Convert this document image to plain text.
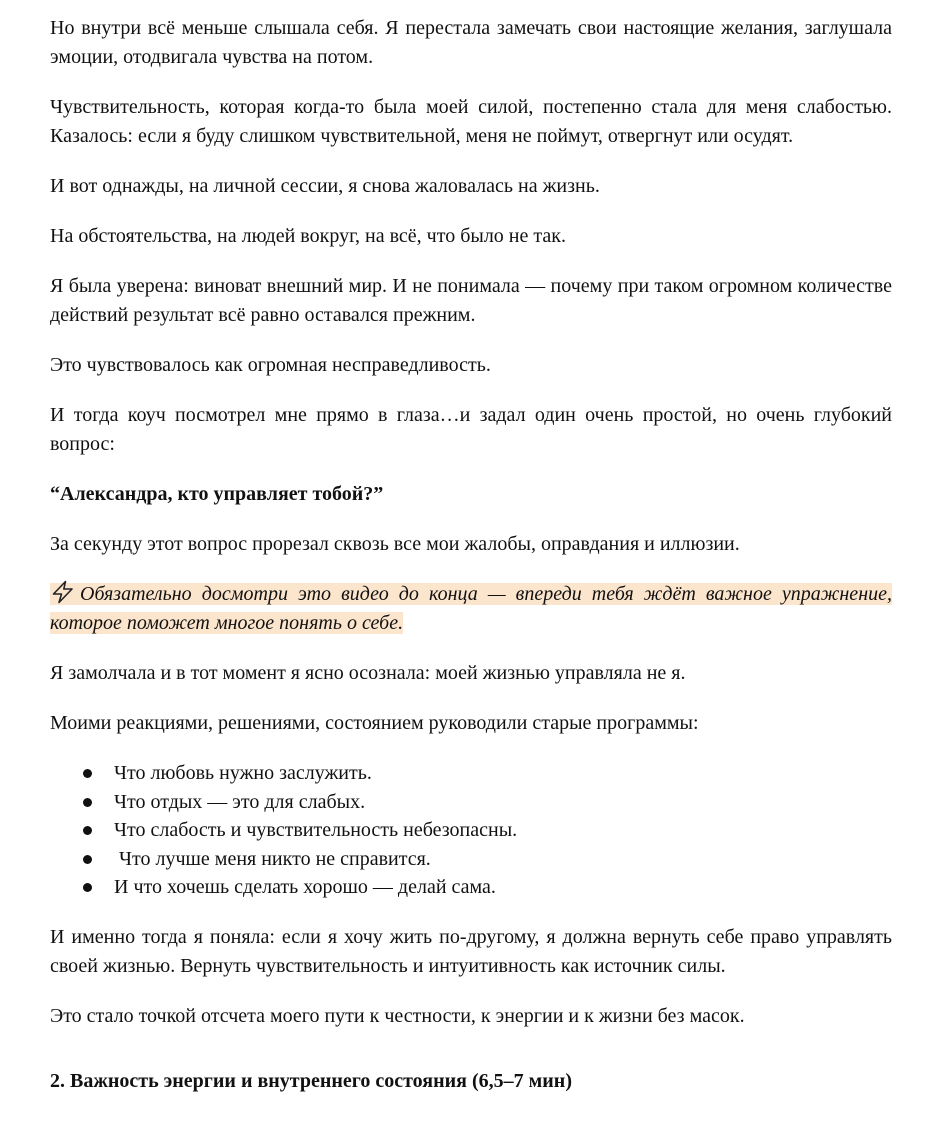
Но внутри всё меньше слышала себя. Я перестала замечать свои настоящие желания, заглушала эмоции, отодвигала чувства на потом.

Чувствительность, которая когда-то была моей силой, постепенно стала для меня слабостью. Казалось: если я буду слишком чувствительной, меня не поймут, отвергнут или осудят.

И вот однажды, на личной сессии, я снова жаловалась на жизнь.

На обстоятельства, на людей вокруг, на всё, что было не так.

Я была уверена: виноват внешний мир. И не понимала — почему при таком огромном количестве действий результат всё равно оставался прежним.

Это чувствовалось как огромная несправедливость.

И тогда коуч посмотрел мне прямо в глаза…и задал один очень простой, но очень глубокий вопрос:

“Александра, кто управляет тобой?”

За секунду этот вопрос прорезал сквозь все мои жалобы, оправдания и иллюзии.

Обязательно досмотри это видео до конца — впереди тебя ждёт важное упражнение, которое поможет многое понять о себе.

Я замолчала и в тот момент я ясно осознала: моей жизнью управляла не я.

Моими реакциями, решениями, состоянием руководили старые программы:

Что любовь нужно заслужить.
Что отдых — это для слабых.
Что слабость и чувствительность небезопасны.
Что лучше меня никто не справится.
И что хочешь сделать хорошо — делай сама.

И именно тогда я поняла: если я хочу жить по-другому, я должна вернуть себе право управлять своей жизнью. Вернуть чувствительность и интуитивность как источник силы.

Это стало точкой отсчета моего пути к честности, к энергии и к жизни без масок.

2. Важность энергии и внутреннего состояния (6,5–7 мин)
